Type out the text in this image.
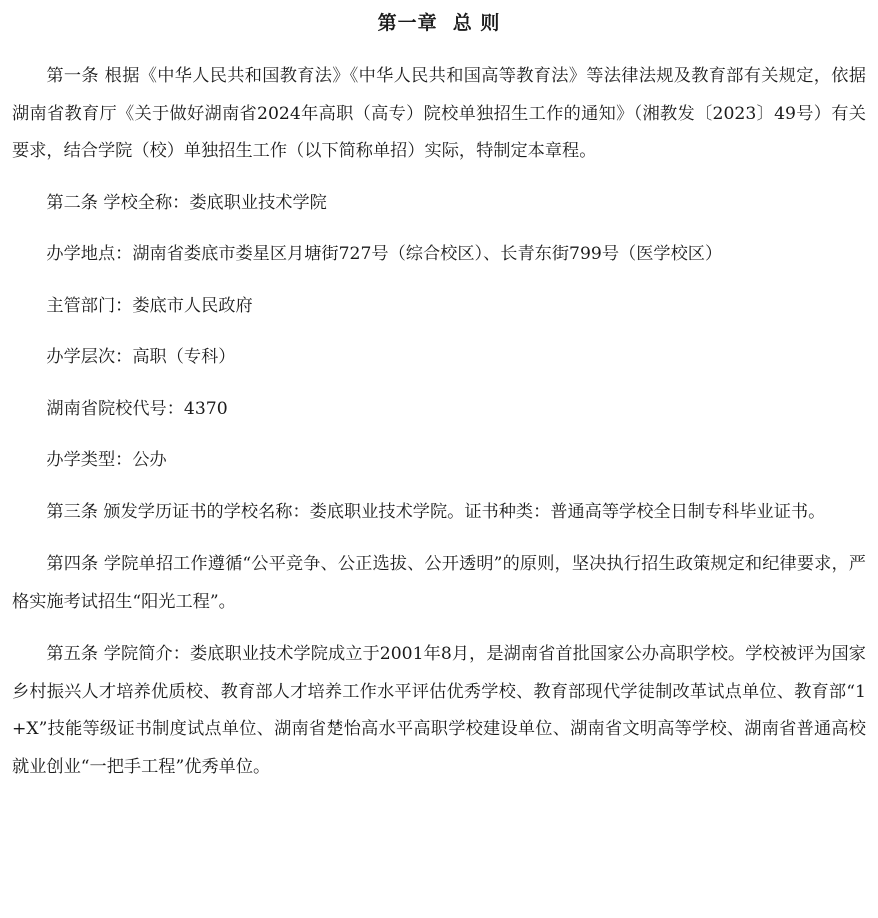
第一章  总 则

第一条 根据《中华人民共和国教育法》《中华人民共和国高等教育法》等法律法规及教育部有关规定，依据湖南省教育厅《关于做好湖南省2024年高职（高专）院校单独招生工作的通知》（湘教发〔2023〕49号）有关要求，结合学院（校）单独招生工作（以下简称单招）实际，特制定本章程。

第二条 学校全称：娄底职业技术学院

办学地点：湖南省娄底市娄星区月塘街727号（综合校区）、长青东街799号（医学校区）

主管部门：娄底市人民政府

办学层次：高职（专科）

湖南省院校代号：4370

办学类型：公办

第三条 颁发学历证书的学校名称：娄底职业技术学院。证书种类：普通高等学校全日制专科毕业证书。

第四条 学院单招工作遵循“公平竞争、公正选拔、公开透明”的原则，坚决执行招生政策规定和纪律要求，严格实施考试招生“阳光工程”。

第五条 学院简介：娄底职业技术学院成立于2001年8月，是湖南省首批国家公办高职学校。学校被评为国家乡村振兴人才培养优质校、教育部人才培养工作水平评估优秀学校、教育部现代学徒制改革试点单位、教育部“1+X”技能等级证书制度试点单位、湖南省楚怡高水平高职学校建设单位、湖南省文明高等学校、湖南省普通高校就业创业“一把手工程”优秀单位。
